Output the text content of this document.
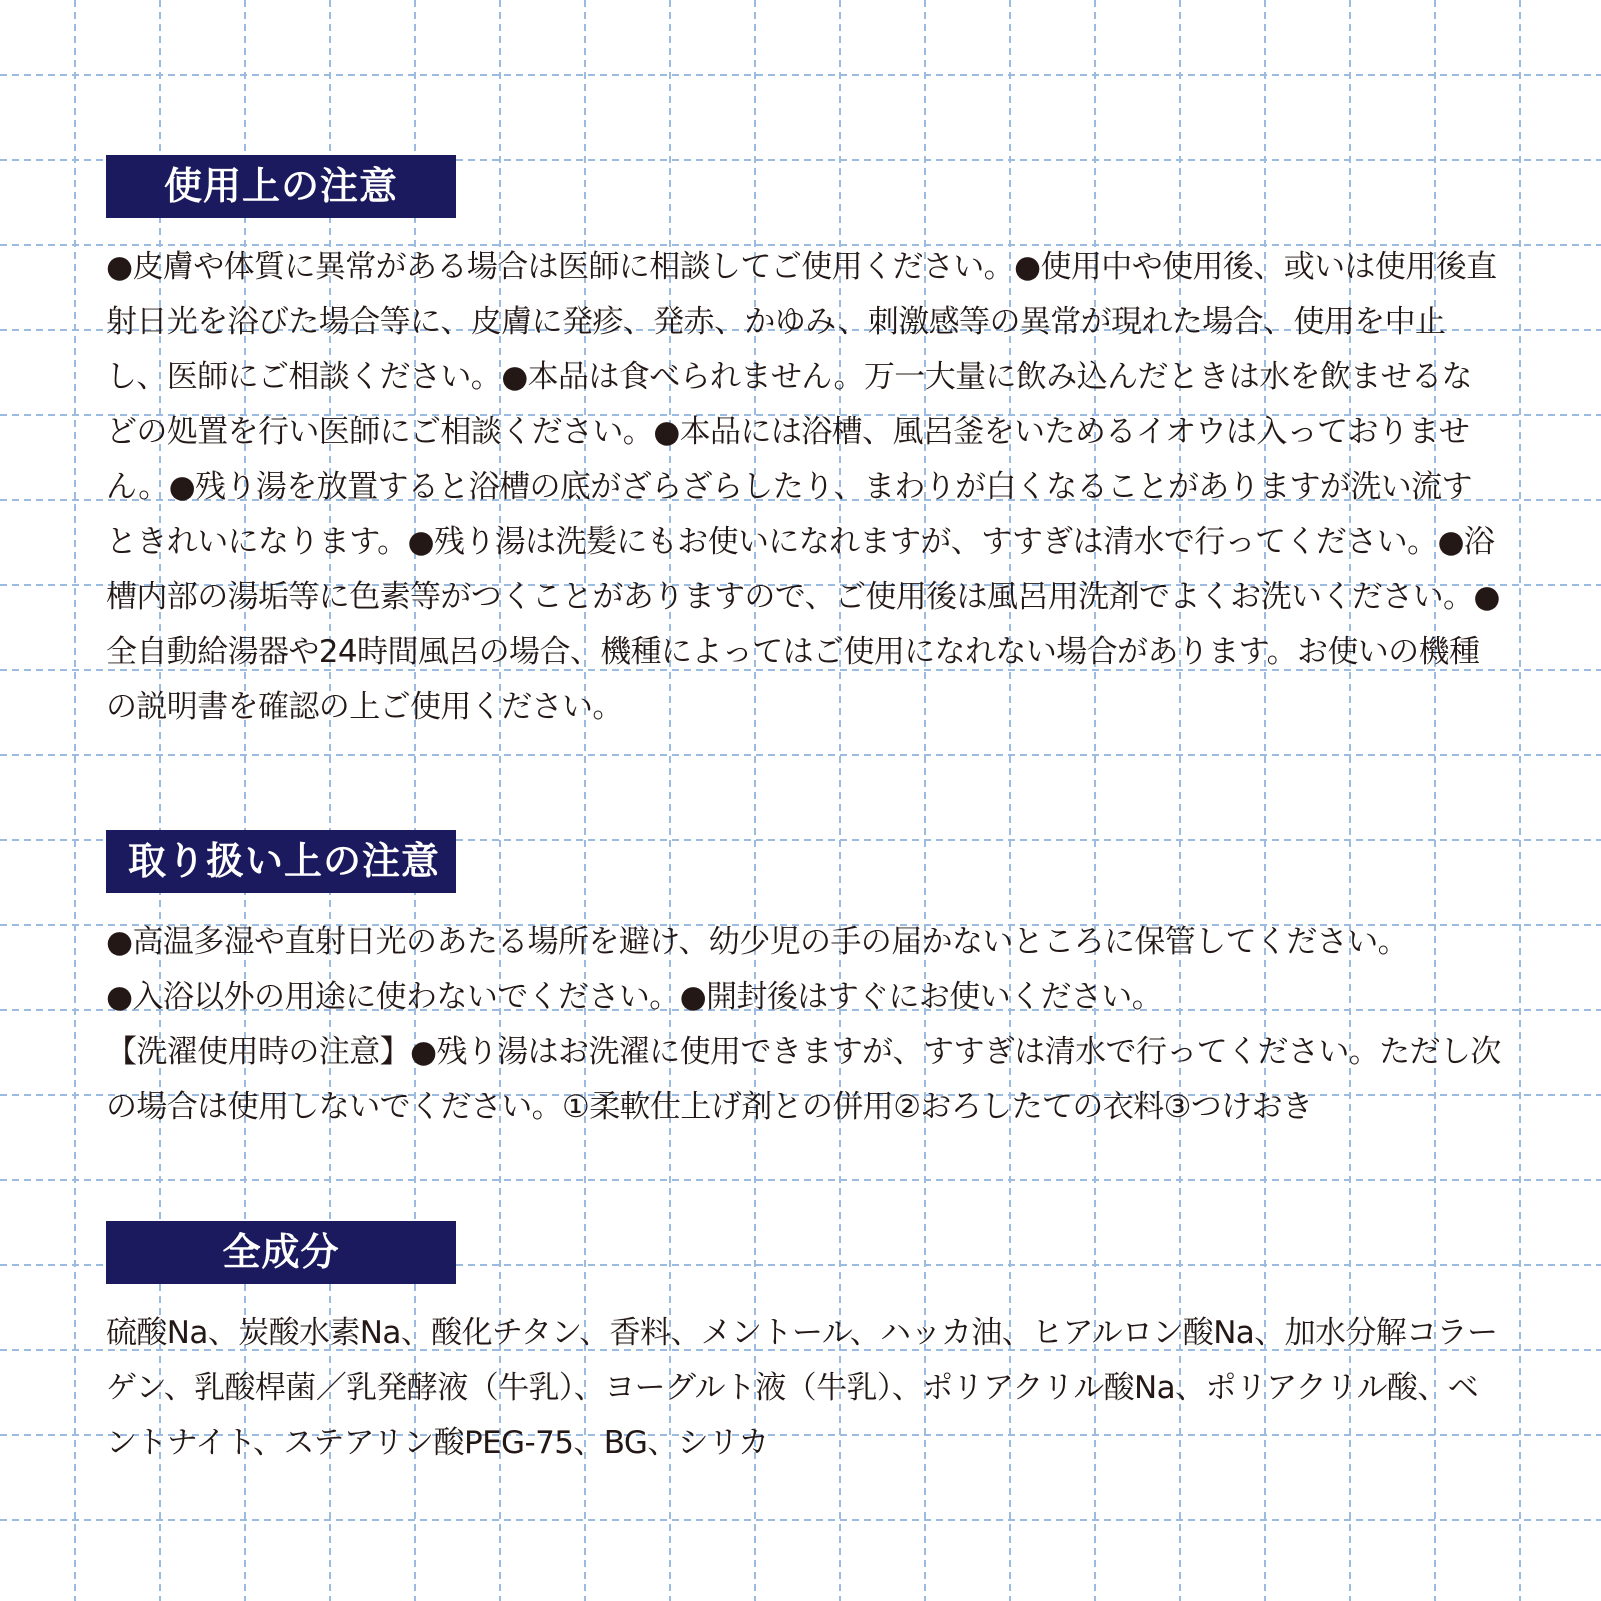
使用上の注意

●皮膚や体質に異常がある場合は医師に相談してご使用ください。●使用中や使用後、或いは使用後直射日光を浴びた場合等に、皮膚に発疹、発赤、かゆみ、刺激感等の異常が現れた場合、使用を中止し、医師にご相談ください。●本品は食べられません。万一大量に飲み込んだときは水を飲ませるなどの処置を行い医師にご相談ください。●本品には浴槽、風呂釜をいためるイオウは入っておりません。●残り湯を放置すると浴槽の底がざらざらしたり、まわりが白くなることがありますが洗い流すときれいになります。●残り湯は洗髪にもお使いになれますが、すすぎは清水で行ってください。●浴槽内部の湯垢等に色素等がつくことがありますので、ご使用後は風呂用洗剤でよくお洗いください。●全自動給湯器や24時間風呂の場合、機種によってはご使用になれない場合があります。お使いの機種の説明書を確認の上ご使用ください。

取り扱い上の注意

●高温多湿や直射日光のあたる場所を避け、幼少児の手の届かないところに保管してください。

●入浴以外の用途に使わないでください。●開封後はすぐにお使いください。

【洗濯使用時の注意】●残り湯はお洗濯に使用できますが、すすぎは清水で行ってください。ただし次の場合は使用しないでください。①柔軟仕上げ剤との併用②おろしたての衣料③つけおき

全成分

硫酸Na、炭酸水素Na、酸化チタン、香料、メントール、ハッカ油、ヒアルロン酸Na、加水分解コラーゲン、乳酸桿菌／乳発酵液（牛乳）、ヨーグルト液（牛乳）、ポリアクリル酸Na、ポリアクリル酸、ベントナイト、ステアリン酸PEG-75、BG、シリカ
